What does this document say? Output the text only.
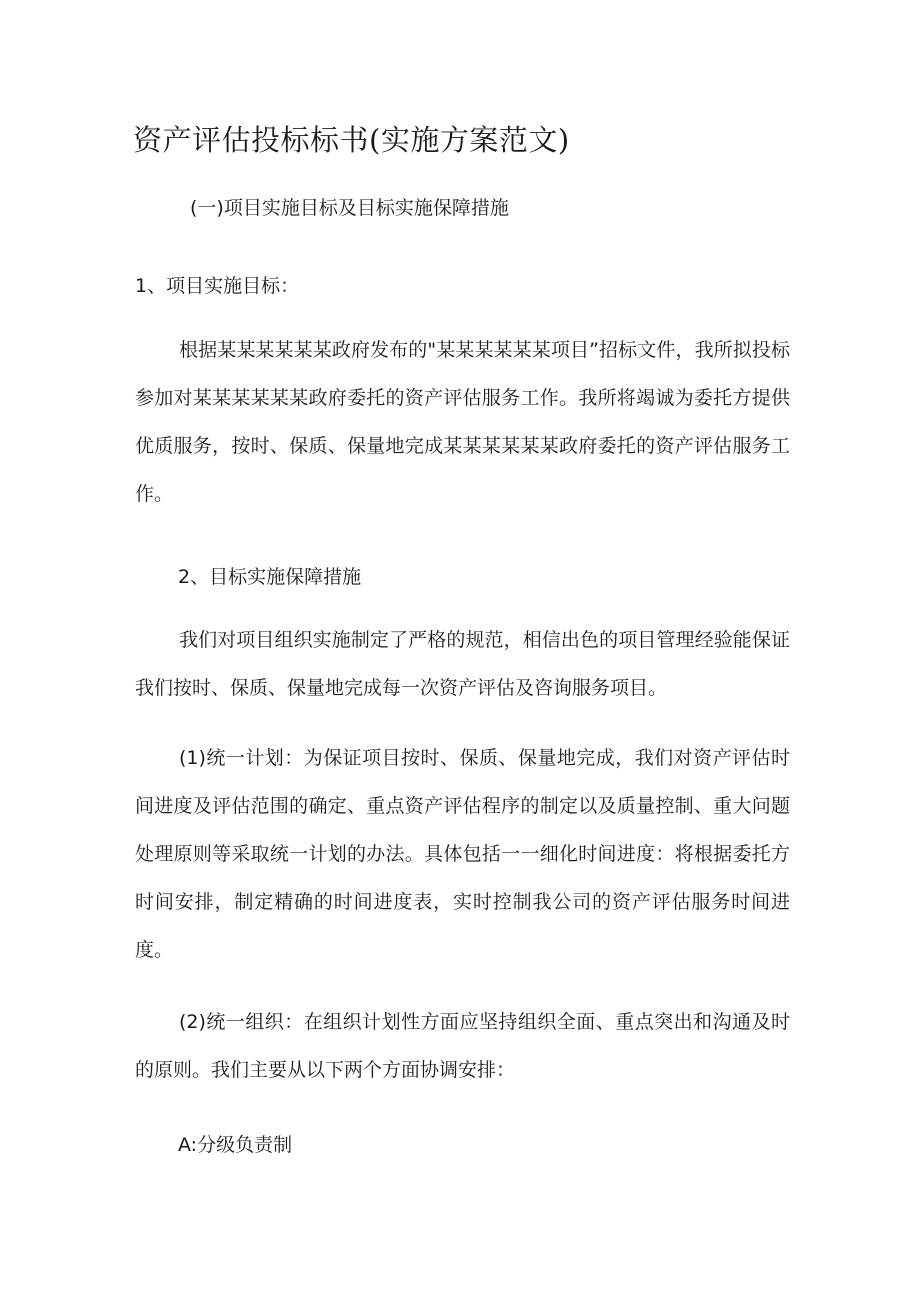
资产评估投标标书(实施方案范文)

(一)项目实施目标及目标实施保障措施

1、项目实施目标：

根据某某某某某某政府发布的"某某某某某某项目”招标文件，我所拟投标参加对某某某某某某政府委托的资产评估服务工作。我所将竭诚为委托方提供优质服务，按时、保质、保量地完成某某某某某某政府委托的资产评估服务工作。

2、目标实施保障措施

我们对项目组织实施制定了严格的规范，相信出色的项目管理经验能保证我们按时、保质、保量地完成每一次资产评估及咨询服务项目。

(1)统一计划：为保证项目按时、保质、保量地完成，我们对资产评估时间进度及评估范围的确定、重点资产评估程序的制定以及质量控制、重大问题处理原则等采取统一计划的办法。具体包括一一细化时间进度：将根据委托方时间安排，制定精确的时间进度表，实时控制我公司的资产评估服务时间进度。

(2)统一组织：在组织计划性方面应坚持组织全面、重点突出和沟通及时的原则。我们主要从以下两个方面协调安排：

A:分级负责制
